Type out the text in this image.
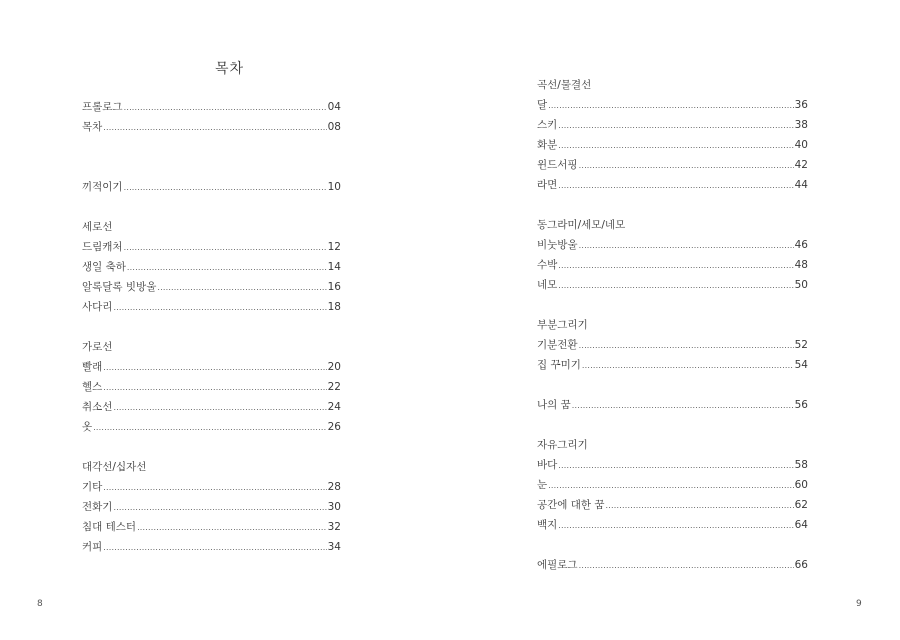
목차
프롤로그 .....	04
목차 .....	08
끼적이기 .....	10
세로선
드림캐처 .....	12
생일 축하 .....	14
알록달록 빗방울 .....	16
사다리 .....	18
가로선
빨래 .....	20
헬스 .....	22
취소선 .....	24
옷 .....	26
대각선/십자선
기타 .....	28
전화기 .....	30
침대 테스터 .....	32
커피 .....	34
8
곡선/물결선
달 .....	36
스키 .....	38
화분 .....	40
윈드서핑 .....	42
라면 .....	44
동그라미/세모/네모
비눗방울 .....	46
수박 .....	48
네모 .....	50
부분그리기
기분전환 .....	52
집 꾸미기 .....	54
나의 꿈 .....	56
자유그리기
바다 .....	58
눈 .....	60
공간에 대한 꿈 .....	62
백지 .....	64
에필로그 .....	66
9
